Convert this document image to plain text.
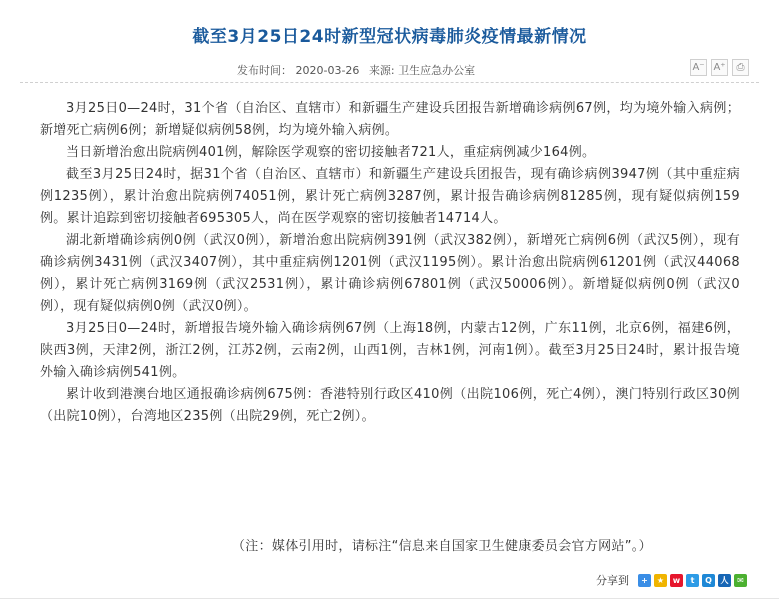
截至3月25日24时新型冠状病毒肺炎疫情最新情况
发布时间： 2020-03-26 来源: 卫生应急办公室	A⁻ A⁺	⎙

3月25日0—24时，31个省（自治区、直辖市）和新疆生产建设兵团报告新增确诊病例67例，均为境外输入病例；新增死亡病例6例；新增疑似病例58例，均为境外输入病例。

当日新增治愈出院病例401例，解除医学观察的密切接触者721人，重症病例减少164例。

截至3月25日24时，据31个省（自治区、直辖市）和新疆生产建设兵团报告，现有确诊病例3947例（其中重症病例1235例），累计治愈出院病例74051例，累计死亡病例3287例，累计报告确诊病例81285例，现有疑似病例159例。累计追踪到密切接触者695305人，尚在医学观察的密切接触者14714人。

湖北新增确诊病例0例（武汉0例），新增治愈出院病例391例（武汉382例），新增死亡病例6例（武汉5例），现有确诊病例3431例（武汉3407例），其中重症病例1201例（武汉1195例）。累计治愈出院病例61201例（武汉44068例），累计死亡病例3169例（武汉2531例），累计确诊病例67801例（武汉50006例）。新增疑似病例0例（武汉0例），现有疑似病例0例（武汉0例）。

3月25日0—24时，新增报告境外输入确诊病例67例（上海18例，内蒙古12例，广东11例，北京6例，福建6例，陕西3例，天津2例，浙江2例，江苏2例，云南2例，山西1例，吉林1例，河南1例）。截至3月25日24时，累计报告境外输入确诊病例541例。

累计收到港澳台地区通报确诊病例675例：香港特别行政区410例（出院106例，死亡4例），澳门特别行政区30例（出院10例），台湾地区235例（出院29例，死亡2例）。

（注：媒体引用时，请标注“信息来自国家卫生健康委员会官方网站”。）
分享到	+	★	w	t	Q	人	✉
